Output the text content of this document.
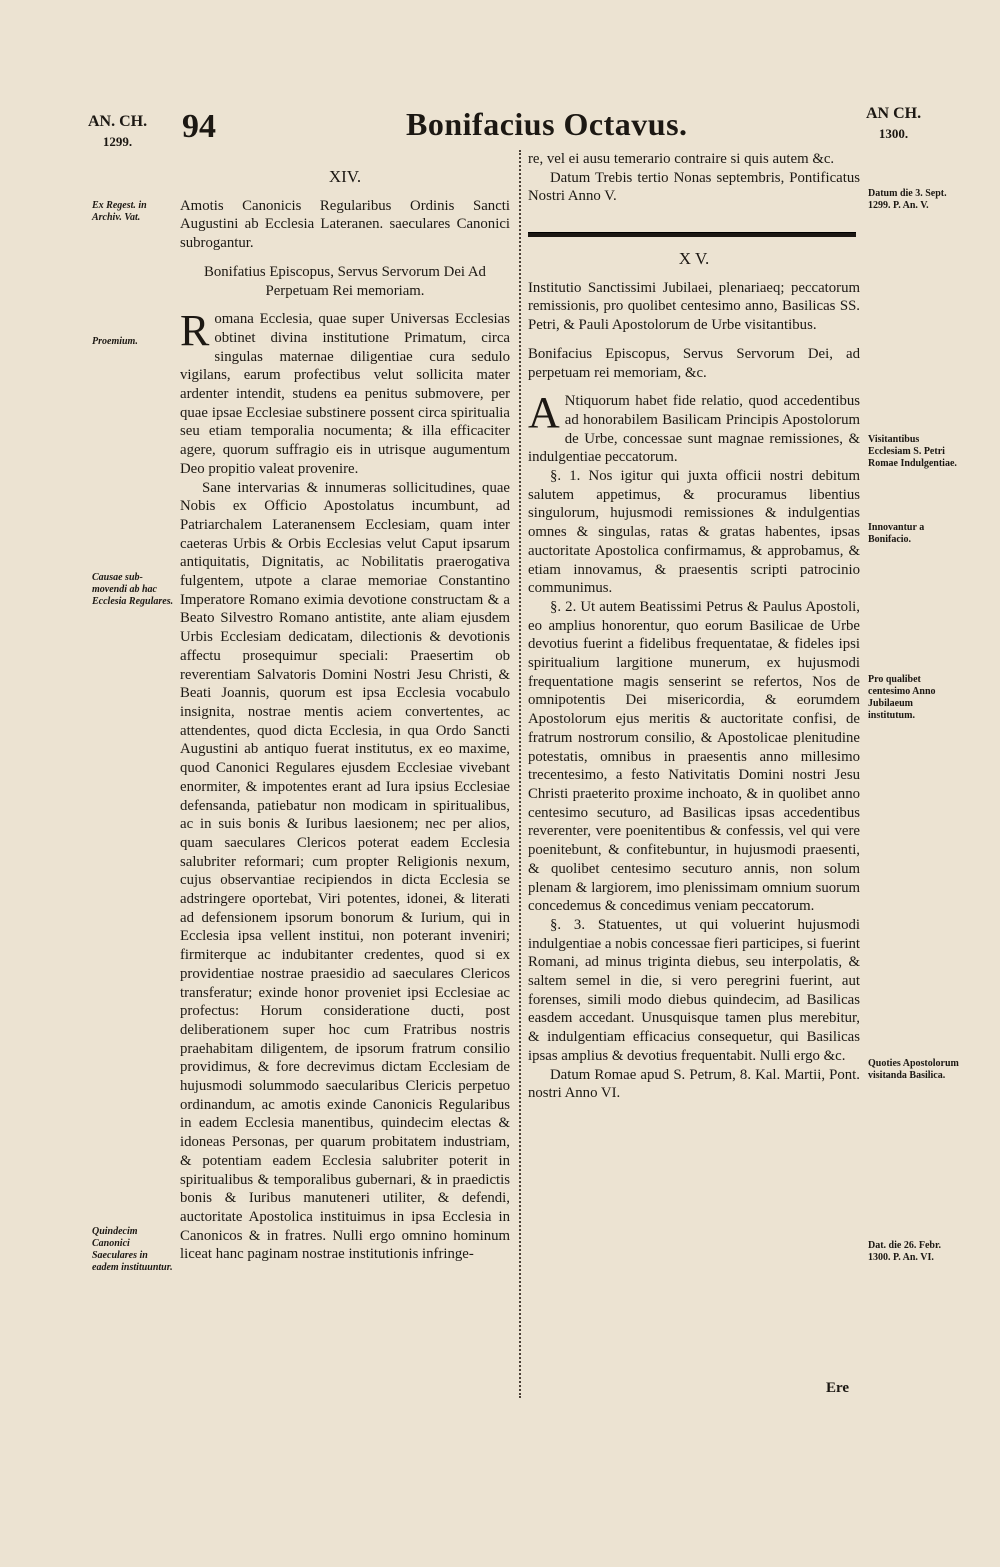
AN. CH.
1299.	94	Bonifacius Octavus.	AN CH.
1300.
Ex Regest. in Archiv. Vat.
Proemium.
Causae sub-movendi ab hac Ecclesia Regulares.
Quindecim Canonici Saeculares in eadem instituuntur.
Datum die 3. Sept. 1299. P. An. V.
Visitantibus Ecclesiam S. Petri Romae Indulgentiae.
Innovantur a Bonifacio.
Pro qualibet centesimo Anno Jubilaeum institutum.
Quoties Apostolorum visitanda Basilica.
Dat. die 26. Febr. 1300. P. An. VI.

XIV.

Amotis Canonicis Regularibus Ordinis Sancti Augustini ab Ecclesia Lateranen. saeculares Canonici subrogantur.

Bonifatius Episcopus, Servus Servorum Dei Ad Perpetuam Rei memoriam.

Romana Ecclesia, quae super Universas Ecclesias obtinet divina institutione Primatum, circa singulas maternae diligentiae cura sedulo vigilans, earum profectibus velut sollicita mater ardenter intendit, studens ea penitus submovere, per quae ipsae Ecclesiae substinere possent circa spiritualia seu etiam temporalia nocumenta; & illa efficaciter agere, quorum suffragio eis in utrisque augumentum Deo propitio valeat provenire.

Sane intervarias & innumeras sollicitudines, quae Nobis ex Officio Apostolatus incumbunt, ad Patriarchalem Lateranensem Ecclesiam, quam inter caeteras Urbis & Orbis Ecclesias velut Caput ipsarum antiquitatis, Dignitatis, ac Nobilitatis praerogativa fulgentem, utpote a clarae memoriae Constantino Imperatore Romano eximia devotione constructam & a Beato Silvestro Romano antistite, ante aliam ejusdem Urbis Ecclesiam dedicatam, dilectionis & devotionis affectu prosequimur speciali: Praesertim ob reverentiam Salvatoris Domini Nostri Jesu Christi, & Beati Joannis, quorum est ipsa Ecclesia vocabulo insignita, nostrae mentis aciem convertentes, ac attendentes, quod dicta Ecclesia, in qua Ordo Sancti Augustini ab antiquo fuerat institutus, ex eo maxime, quod Canonici Regulares ejusdem Ecclesiae vivebant enormiter, & impotentes erant ad Iura ipsius Ecclesiae defensanda, patiebatur non modicam in spiritualibus, ac in suis bonis & Iuribus laesionem; nec per alios, quam saeculares Clericos poterat eadem Ecclesia salubriter reformari; cum propter Religionis nexum, cujus observantiae recipiendos in dicta Ecclesia se adstringere oportebat, Viri potentes, idonei, & literati ad defensionem ipsorum bonorum & Iurium, qui in Ecclesia ipsa vellent institui, non poterant inveniri; firmiterque ac indubitanter credentes, quod si ex providentiae nostrae praesidio ad saeculares Clericos transferatur; exinde honor proveniet ipsi Ecclesiae ac profectus: Horum consideratione ducti, post deliberationem super hoc cum Fratribus nostris praehabitam diligentem, de ipsorum fratrum consilio providimus, & fore decrevimus dictam Ecclesiam de hujusmodi solummodo saecularibus Clericis perpetuo ordinandum, ac amotis exinde Canonicis Regularibus in eadem Ecclesia manentibus, quindecim electas & idoneas Personas, per quarum probitatem industriam, & potentiam eadem Ecclesia salubriter poterit in spiritualibus & temporalibus gubernari, & in praedictis bonis & Iuribus manuteneri utiliter, & defendi, auctoritate Apostolica instituimus in ipsa Ecclesia in Canonicos & in fratres. Nulli ergo omnino hominum liceat hanc paginam nostrae institutionis infringe-

re, vel ei ausu temerario contraire si quis autem &c.

Datum Trebis tertio Nonas septembris, Pontificatus Nostri Anno V.

X V.

Institutio Sanctissimi Jubilaei, plenariaeq; peccatorum remissionis, pro quolibet centesimo anno, Basilicas SS. Petri, & Pauli Apostolorum de Urbe visitantibus.

Bonifacius Episcopus, Servus Servorum Dei, ad perpetuam rei memoriam, &c.

A Ntiquorum habet fide relatio, quod accedentibus ad honorabilem Basilicam Principis Apostolorum de Urbe, concessae sunt magnae remissiones, & indulgentiae peccatorum.

§. 1. Nos igitur qui juxta officii nostri debitum salutem appetimus, & procuramus libentius singulorum, hujusmodi remissiones & indulgentias omnes & singulas, ratas & gratas habentes, ipsas auctoritate Apostolica confirmamus, & approbamus, & etiam innovamus, & praesentis scripti patrocinio communimus.

§. 2. Ut autem Beatissimi Petrus & Paulus Apostoli, eo amplius honorentur, quo eorum Basilicae de Urbe devotius fuerint a fidelibus frequentatae, & fideles ipsi spiritualium largitione munerum, ex hujusmodi frequentatione magis senserint se refertos, Nos de omnipotentis Dei misericordia, & eorumdem Apostolorum ejus meritis & auctoritate confisi, de fratrum nostrorum consilio, & Apostolicae plenitudine potestatis, omnibus in praesentis anno millesimo trecentesimo, a festo Nativitatis Domini nostri Jesu Christi praeterito proxime inchoato, & in quolibet anno centesimo secuturo, ad Basilicas ipsas accedentibus reverenter, vere poenitentibus & confessis, vel qui vere poenitebunt, & confitebuntur, in hujusmodi praesenti, & quolibet centesimo secuturo annis, non solum plenam & largiorem, imo plenissimam omnium suorum concedemus & concedimus veniam peccatorum.

§. 3. Statuentes, ut qui voluerint hujusmodi indulgentiae a nobis concessae fieri participes, si fuerint Romani, ad minus triginta diebus, seu interpolatis, & saltem semel in die, si vero peregrini fuerint, aut forenses, simili modo diebus quindecim, ad Basilicas easdem accedant. Unusquisque tamen plus merebitur, & indulgentiam efficacius consequetur, qui Basilicas ipsas amplius & devotius frequentabit. Nulli ergo &c.

Datum Romae apud S. Petrum, 8. Kal. Martii, Pont. nostri Anno VI.

Ere
